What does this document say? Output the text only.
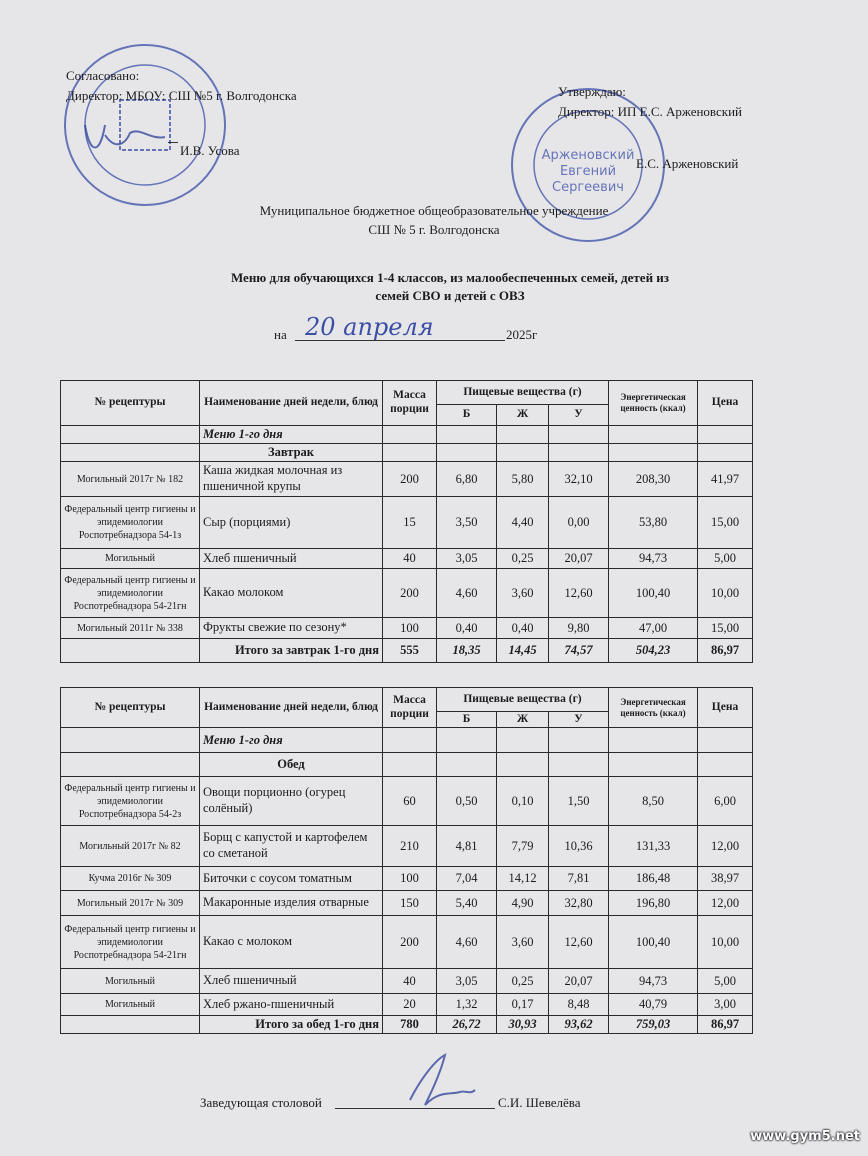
Арженовский
Евгений
Сергеевич
Согласовано:
Директор: МБОУ: СШ №5 г. Волгодонска
И.В. Усова
Утверждаю:
Директор: ИП Е.С. Арженовский
Е.С. Арженовский
Муниципальное бюджетное общеобразовательное учреждение
СШ № 5 г. Волгодонска
Меню для обучающихся 1-4 классов, из малообеспеченных семей, детей из
семей СВО и детей с ОВЗ
на 20 апреля	2025г
№ рецептуры	Наименование дней недели, блюд	Масса порции	Пищевые вещества (г)			Энергетическая ценность (ккал)	Цена
			Б	Ж	У		
	Меню 1-го дня						
	Завтрак						
Могильный 2017г № 182	Каша жидкая молочная из пшеничной крупы	200	6,80	5,80	32,10	208,30	41,97
Федеральный центр гигиены и эпидемиологии Роспотребнадзора 54-1з	Сыр (порциями)	15	3,50	4,40	0,00	53,80	15,00
Могильный	Хлеб пшеничный	40	3,05	0,25	20,07	94,73	5,00
Федеральный центр гигиены и эпидемиологии Роспотребнадзора 54-21гн	Какао молоком	200	4,60	3,60	12,60	100,40	10,00
Могильный 2011г № 338	Фрукты свежие по сезону*	100	0,40	0,40	9,80	47,00	15,00
	Итого за завтрак 1-го дня	555	18,35	14,45	74,57	504,23	86,97
№ рецептуры	Наименование дней недели, блюд	Масса порции	Пищевые вещества (г)			Энергетическая ценность (ккал)	Цена
			Б	Ж	У		
	Меню 1-го дня						
	Обед						
Федеральный центр гигиены и эпидемиологии Роспотребнадзора 54-2з	Овощи порционно (огурец солёный)	60	0,50	0,10	1,50	8,50	6,00
Могильный 2017г № 82	Борщ с капустой и картофелем со сметаной	210	4,81	7,79	10,36	131,33	12,00
Кучма 2016г № 309	Биточки с соусом томатным	100	7,04	14,12	7,81	186,48	38,97
Могильный 2017г № 309	Макаронные изделия отварные	150	5,40	4,90	32,80	196,80	12,00
Федеральный центр гигиены и эпидемиологии Роспотребнадзора 54-21гн	Какао с молоком	200	4,60	3,60	12,60	100,40	10,00
Могильный	Хлеб пшеничный	40	3,05	0,25	20,07	94,73	5,00
Могильный	Хлеб ржано-пшеничный	20	1,32	0,17	8,48	40,79	3,00
	Итого за обед 1-го дня	780	26,72	30,93	93,62	759,03	86,97
Заведующая столовой	С.И. Шевелёва
www.gym5.net
